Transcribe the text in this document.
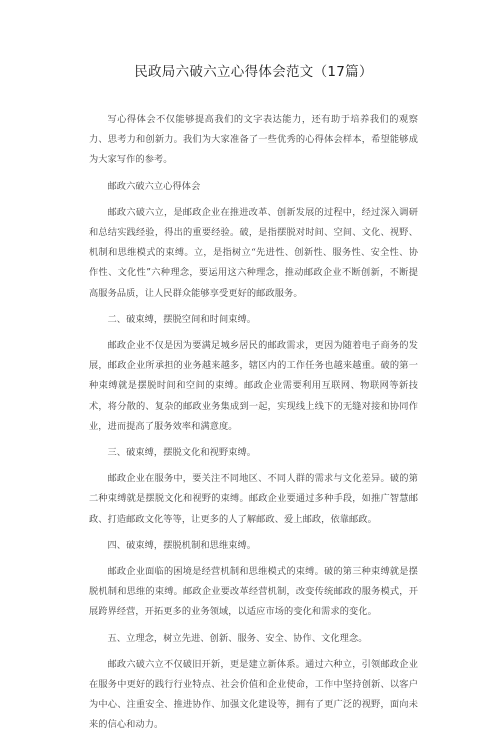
民政局六破六立心得体会范文（17篇）

写心得体会不仅能够提高我们的文字表达能力，还有助于培养我们的观察力、思考力和创新力。我们为大家准备了一些优秀的心得体会样本，希望能够成为大家写作的参考。

邮政六破六立心得体会

邮政六破六立，是邮政企业在推进改革、创新发展的过程中，经过深入调研和总结实践经验，得出的重要经验。破，是指摆脱对时间、空间、文化、视野、机制和思维模式的束缚。立，是指树立“先进性、创新性、服务性、安全性、协作性、文化性”六种理念，要运用这六种理念，推动邮政企业不断创新，不断提高服务品质，让人民群众能够享受更好的邮政服务。

二、破束缚，摆脱空间和时间束缚。

邮政企业不仅是因为要满足城乡居民的邮政需求，更因为随着电子商务的发展，邮政企业所承担的业务越来越多，辖区内的工作任务也越来越重。破的第一种束缚就是摆脱时间和空间的束缚。邮政企业需要利用互联网、物联网等新技术，将分散的、复杂的邮政业务集成到一起，实现线上线下的无缝对接和协同作业，进而提高了服务效率和满意度。

三、破束缚，摆脱文化和视野束缚。

邮政企业在服务中，要关注不同地区、不同人群的需求与文化差异。破的第二种束缚就是摆脱文化和视野的束缚。邮政企业要通过多种手段，如推广智慧邮政、打造邮政文化等等，让更多的人了解邮政、爱上邮政，依靠邮政。

四、破束缚，摆脱机制和思维束缚。

邮政企业面临的困境是经营机制和思维模式的束缚。破的第三种束缚就是摆脱机制和思维的束缚。邮政企业要改革经营机制，改变传统邮政的服务模式，开展跨界经营，开拓更多的业务领域，以适应市场的变化和需求的变化。

五、立理念，树立先进、创新、服务、安全、协作、文化理念。

邮政六破六立不仅破旧开新，更是建立新体系。通过六种立，引领邮政企业在服务中更好的践行行业特点、社会价值和企业使命，工作中坚持创新、以客户为中心、注重安全、推进协作、加强文化建设等，拥有了更广泛的视野，面向未来的信心和动力。
